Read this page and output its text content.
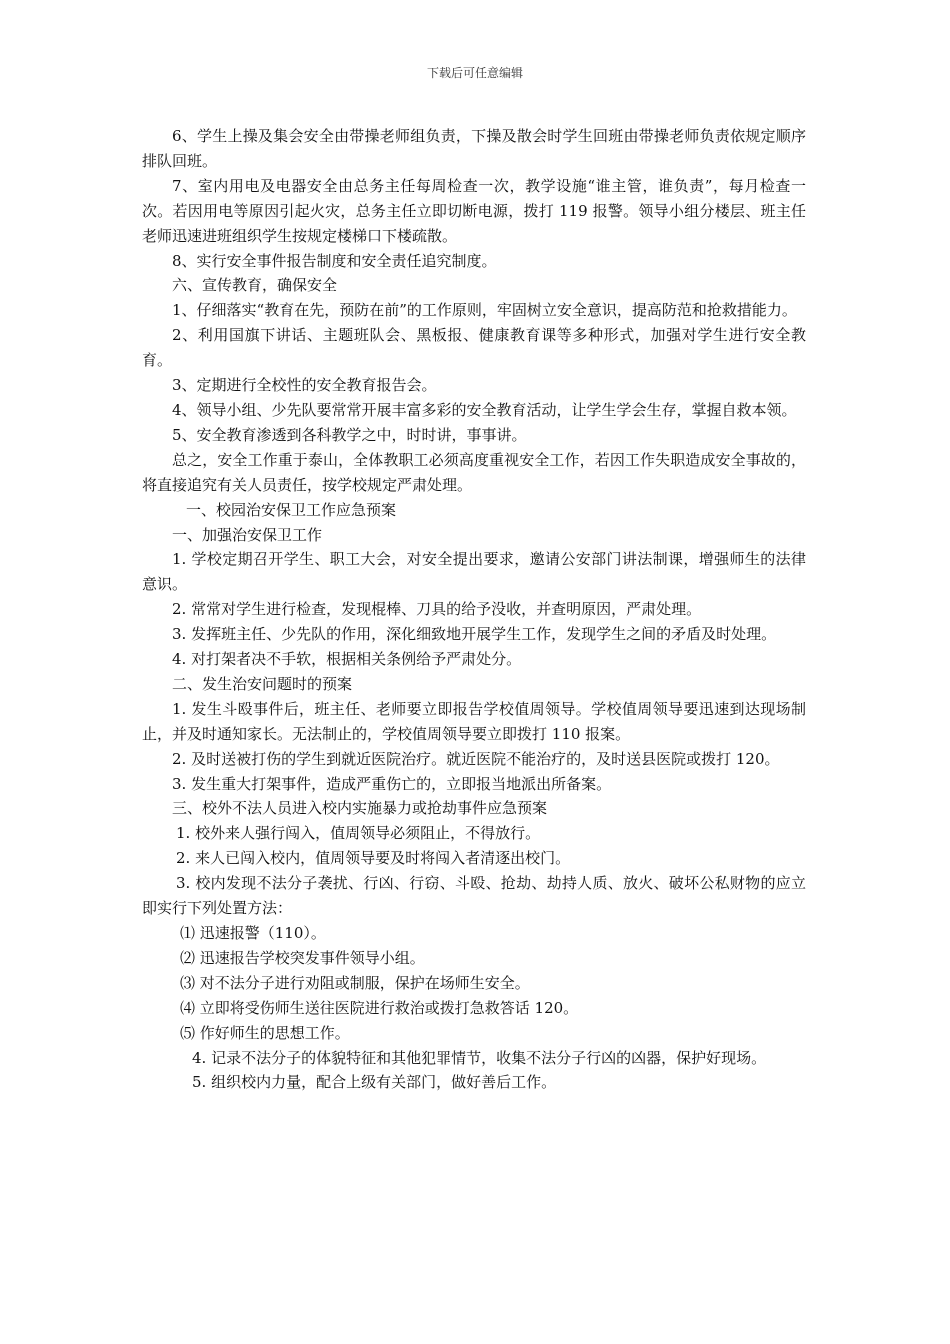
下载后可任意编辑

6、学生上操及集会安全由带操老师组负责，下操及散会时学生回班由带操老师负责依规定顺序排队回班。

7、室内用电及电器安全由总务主任每周检查一次，教学设施“谁主管，谁负责”，每月检查一次。若因用电等原因引起火灾，总务主任立即切断电源，拨打 119 报警。领导小组分楼层、班主任老师迅速进班组织学生按规定楼梯口下楼疏散。

8、实行安全事件报告制度和安全责任追究制度。

六、宣传教育，确保安全

1、仔细落实“教育在先，预防在前”的工作原则，牢固树立安全意识，提高防范和抢救措能力。

2、利用国旗下讲话、主题班队会、黑板报、健康教育课等多种形式，加强对学生进行安全教育。

3、定期进行全校性的安全教育报告会。

4、领导小组、少先队要常常开展丰富多彩的安全教育活动，让学生学会生存，掌握自救本领。

5、安全教育渗透到各科教学之中，时时讲，事事讲。

总之，安全工作重于泰山，全体教职工必须高度重视安全工作，若因工作失职造成安全事故的，将直接追究有关人员责任，按学校规定严肃处理。

一、校园治安保卫工作应急预案

一、加强治安保卫工作

1. 学校定期召开学生、职工大会，对安全提出要求，邀请公安部门讲法制课，增强师生的法律意识。

2. 常常对学生进行检查，发现棍棒、刀具的给予没收，并查明原因，严肃处理。

3. 发挥班主任、少先队的作用，深化细致地开展学生工作，发现学生之间的矛盾及时处理。

4. 对打架者决不手软，根据相关条例给予严肃处分。

二、发生治安问题时的预案

1. 发生斗殴事件后，班主任、老师要立即报告学校值周领导。学校值周领导要迅速到达现场制止，并及时通知家长。无法制止的，学校值周领导要立即拨打 110 报案。

2. 及时送被打伤的学生到就近医院治疗。就近医院不能治疗的，及时送县医院或拨打 120。

3. 发生重大打架事件，造成严重伤亡的，立即报当地派出所备案。

三、校外不法人员进入校内实施暴力或抢劫事件应急预案

1. 校外来人强行闯入，值周领导必须阻止，不得放行。

2. 来人已闯入校内，值周领导要及时将闯入者清逐出校门。

3. 校内发现不法分子袭扰、行凶、行窃、斗殴、抢劫、劫持人质、放火、破坏公私财物的应立即实行下列处置方法：

⑴ 迅速报警（110）。

⑵ 迅速报告学校突发事件领导小组。

⑶ 对不法分子进行劝阻或制服，保护在场师生安全。

⑷ 立即将受伤师生送往医院进行救治或拨打急救答话 120。

⑸ 作好师生的思想工作。

4. 记录不法分子的体貌特征和其他犯罪情节，收集不法分子行凶的凶器，保护好现场。

5. 组织校内力量，配合上级有关部门，做好善后工作。
